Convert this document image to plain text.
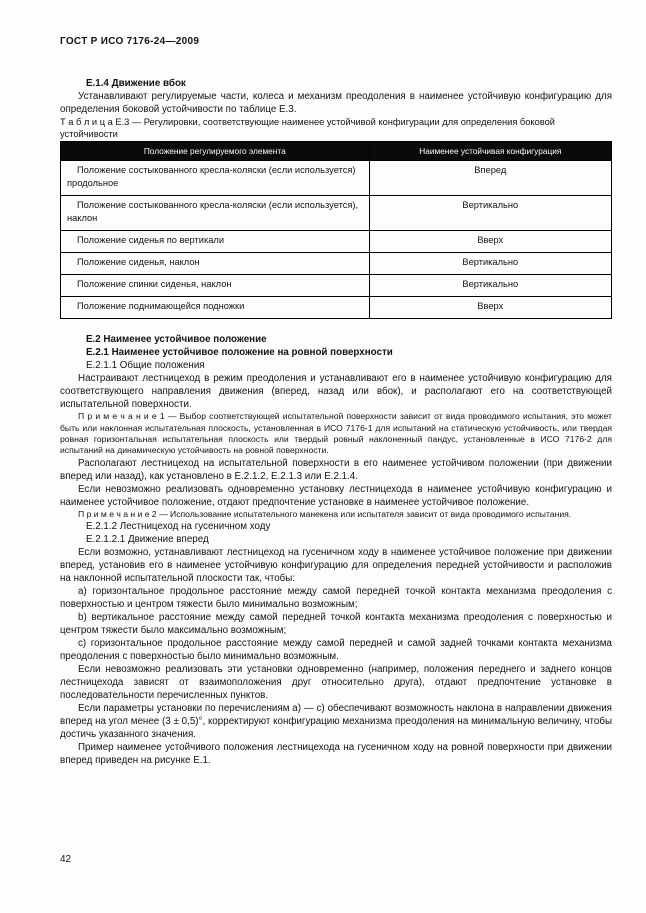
ГОСТ Р ИСО 7176-24—2009

Е.1.4 Движение вбок

Устанавливают регулируемые части, колеса и механизм преодоления в наименее устойчивую конфигурацию для определения боковой устойчивости по таблице Е.3.

Т а б л и ц а Е.3 — Регулировки, соответствующие наименее устойчивой конфигурации для определения боковой устойчивости

Положение регулируемого элемента	Наименее устойчивая конфигурация
Положение состыкованного кресла-коляски (если используется) продольное	Вперед
Положение состыкованного кресла-коляски (если используется), наклон	Вертикально
Положение сиденья по вертикали	Вверх
Положение сиденья, наклон	Вертикально
Положение спинки сиденья, наклон	Вертикально
Положение поднимающейся подножки	Вверх

Е.2 Наименее устойчивое положение

Е.2.1 Наименее устойчивое положение на ровной поверхности

Е.2.1.1 Общие положения

Настраивают лестницеход в режим преодоления и устанавливают его в наименее устойчивую конфигурацию для соответствующего направления движения (вперед, назад или вбок), и располагают его на соответствующей испытательной поверхности.

П р и м е ч а н и е 1 — Выбор соответствующей испытательной поверхности зависит от вида проводимого испытания, это может быть или наклонная испытательная плоскость, установленная в ИСО 7176-1 для испытаний на статическую устойчивость, или твердая ровная горизонтальная испытательная плоскость или твердый ровный наклоненный пандус, установленные в ИСО 7176-2 для испытаний на динамическую устойчивость на ровной поверхности.

Располагают лестницеход на испытательной поверхности в его наименее устойчивом положении (при движении вперед или назад), как установлено в Е.2.1.2, Е.2.1.3 или Е.2.1.4.

Если невозможно реализовать одновременно установку лестницехода в наименее устойчивую конфигурацию и наименее устойчивое положение, отдают предпочтение установке в наименее устойчивое положение.

П р и м е ч а н и е 2 — Использование испытательного манекена или испытателя зависит от вида проводимого испытания.

Е.2.1.2 Лестницеход на гусеничном ходу

Е.2.1.2.1 Движение вперед

Если возможно, устанавливают лестницеход на гусеничном ходу в наименее устойчивое положение при движении вперед, установив его в наименее устойчивую конфигурацию для определения передней устойчивости и расположив на наклонной испытательной плоскости так, чтобы:

а) горизонтальное продольное расстояние между самой передней точкой контакта механизма преодоления с поверхностью и центром тяжести было минимально возможным;

b) вертикальное расстояние между самой передней точкой контакта механизма преодоления с поверхностью и центром тяжести было максимально возможным;

с) горизонтальное продольное расстояние между самой передней и самой задней точками контакта механизма преодоления с поверхностью было минимально возможным.

Если невозможно реализовать эти установки одновременно (например, положения переднего и заднего концов лестницехода зависят от взаимоположения друг относительно друга), отдают предпочтение установке в последовательности перечисленных пунктов.

Если параметры установки по перечислениям а) — с) обеспечивают возможность наклона в направлении движения вперед на угол менее (3 ± 0,5)°, корректируют конфигурацию механизма преодоления на минимальную величину, чтобы достичь указанного значения.

Пример наименее устойчивого положения лестницехода на гусеничном ходу на ровной поверхности при движении вперед приведен на рисунке Е.1.

42
